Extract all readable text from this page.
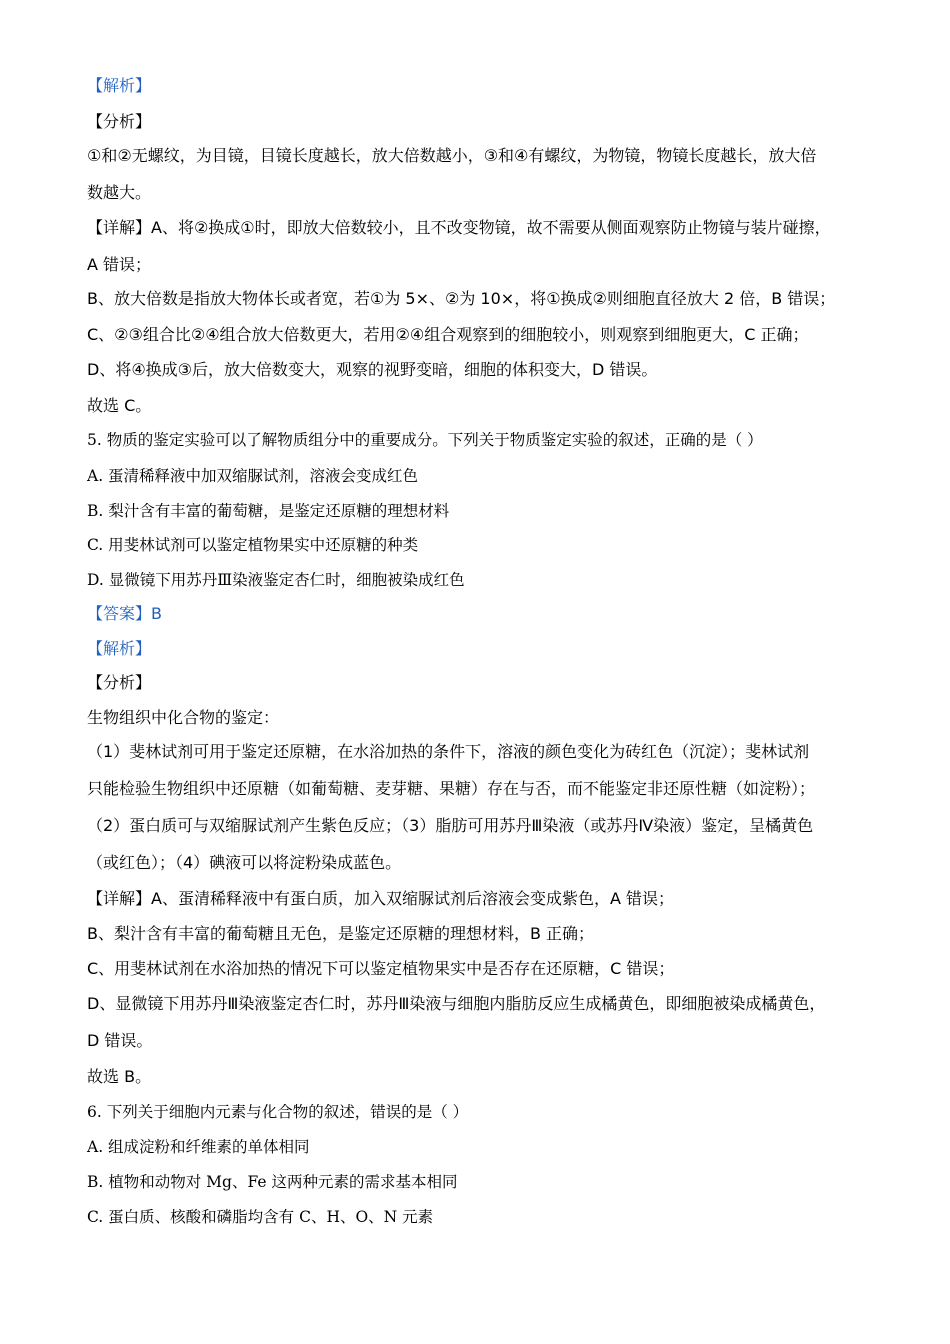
【解析】
【分析】
①和②无螺纹，为目镜，目镜长度越长，放大倍数越小，③和④有螺纹，为物镜，物镜长度越长，放大倍
数越大。
【详解】A、将②换成①时，即放大倍数较小，且不改变物镜，故不需要从侧面观察防止物镜与装片碰擦，
A 错误；
B、放大倍数是指放大物体长或者宽，若①为 5×、②为 10×，将①换成②则细胞直径放大 2 倍，B 错误；
C、②③组合比②④组合放大倍数更大，若用②④组合观察到的细胞较小，则观察到细胞更大，C 正确；
D、将④换成③后，放大倍数变大，观察的视野变暗，细胞的体积变大，D 错误。
故选 C。
5. 物质的鉴定实验可以了解物质组分中的重要成分。下列关于物质鉴定实验的叙述，正确的是（ ）
A. 蛋清稀释液中加双缩脲试剂，溶液会变成红色
B. 梨汁含有丰富的葡萄糖，是鉴定还原糖的理想材料
C. 用斐林试剂可以鉴定植物果实中还原糖的种类
D. 显微镜下用苏丹Ⅲ染液鉴定杏仁时，细胞被染成红色
【答案】B
【解析】
【分析】
生物组织中化合物的鉴定：
（1）斐林试剂可用于鉴定还原糖，在水浴加热的条件下，溶液的颜色变化为砖红色（沉淀）；斐林试剂
只能检验生物组织中还原糖（如葡萄糖、麦芽糖、果糖）存在与否，而不能鉴定非还原性糖（如淀粉）；
（2）蛋白质可与双缩脲试剂产生紫色反应；（3）脂肪可用苏丹Ⅲ染液（或苏丹Ⅳ染液）鉴定，呈橘黄色
（或红色）；（4）碘液可以将淀粉染成蓝色。
【详解】A、蛋清稀释液中有蛋白质，加入双缩脲试剂后溶液会变成紫色，A 错误；
B、梨汁含有丰富的葡萄糖且无色，是鉴定还原糖的理想材料，B 正确；
C、用斐林试剂在水浴加热的情况下可以鉴定植物果实中是否存在还原糖，C 错误；
D、显微镜下用苏丹Ⅲ染液鉴定杏仁时，苏丹Ⅲ染液与细胞内脂肪反应生成橘黄色，即细胞被染成橘黄色，
D 错误。
故选 B。
6. 下列关于细胞内元素与化合物的叙述，错误的是（ ）
A. 组成淀粉和纤维素的单体相同
B. 植物和动物对 Mg、Fe 这两种元素的需求基本相同
C. 蛋白质、核酸和磷脂均含有 C、H、O、N 元素
